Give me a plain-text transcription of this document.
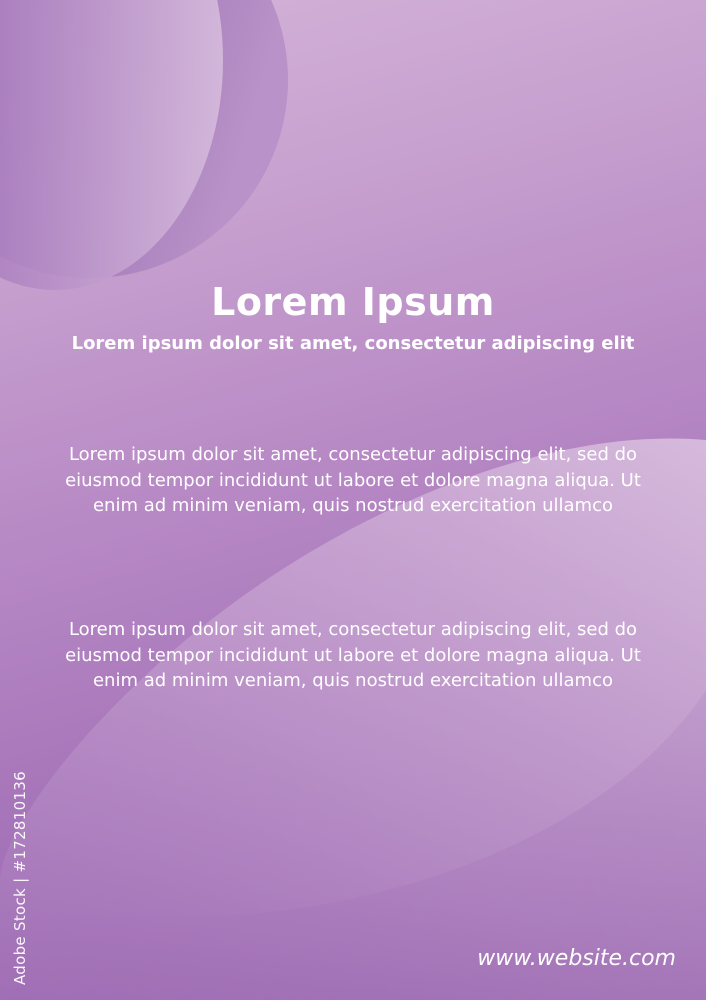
Lorem Ipsum
Lorem ipsum dolor sit amet, consectetur adipiscing elit
Lorem ipsum dolor sit amet, consectetur adipiscing elit, sed do eiusmod tempor incididunt ut labore et dolore magna aliqua. Ut enim ad minim veniam, quis nostrud exercitation ullamco
Lorem ipsum dolor sit amet, consectetur adipiscing elit, sed do eiusmod tempor incididunt ut labore et dolore magna aliqua. Ut enim ad minim veniam, quis nostrud exercitation ullamco
www.website.com
Adobe Stock | #172810136
